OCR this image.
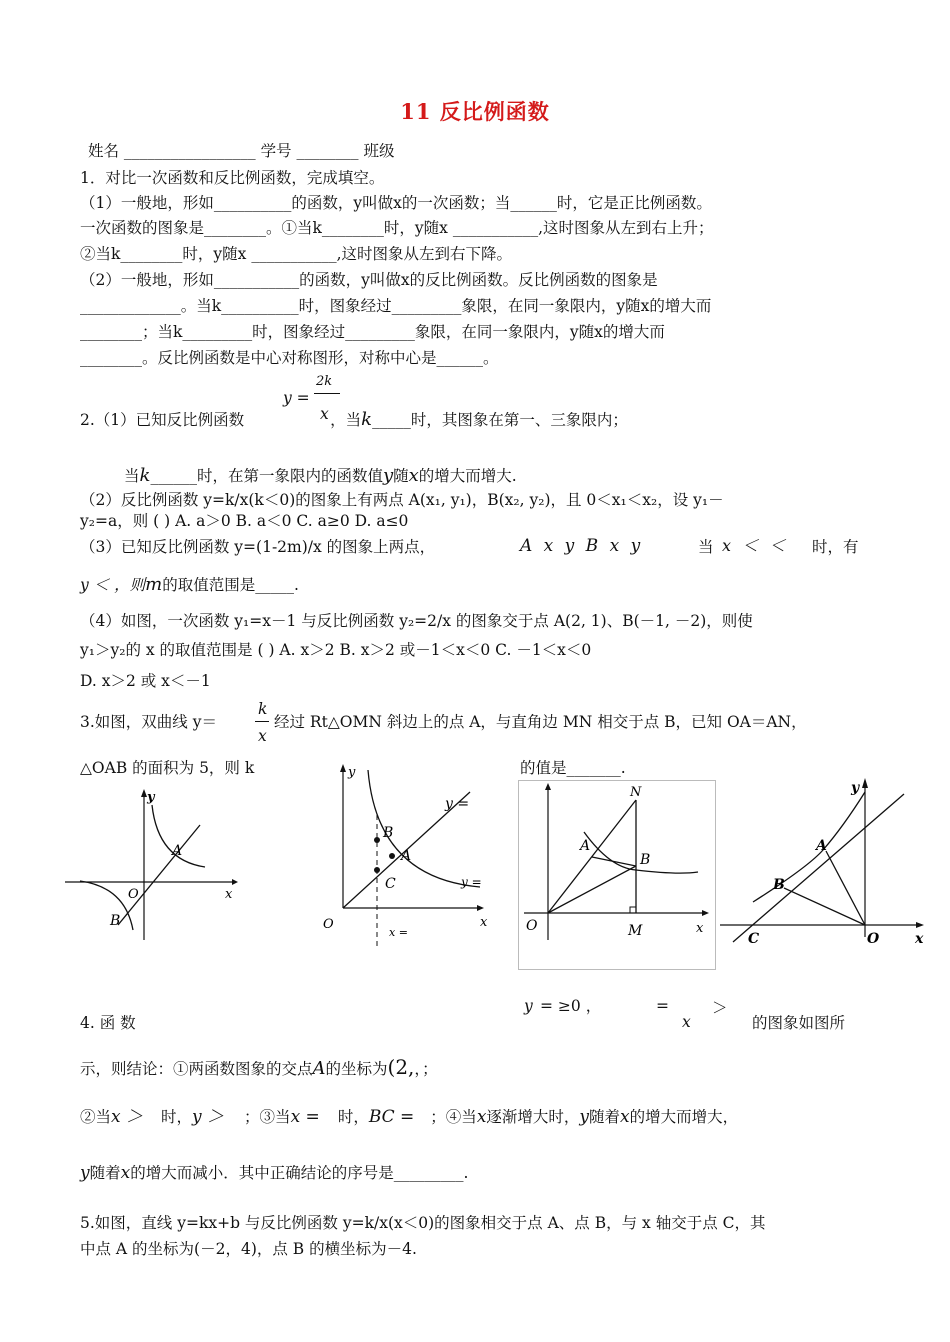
11 反比例函数
姓名 _________________ 学号 ________ 班级
1．对比一次函数和反比例函数，完成填空。
（1）一般地，形如__________的函数，y叫做x的一次函数；当______时，它是正比例函数。
一次函数的图象是________。①当k________时，y随x ___________,这时图象从左到右上升；
②当k________时，y随x ___________,这时图象从左到右下降。
（2）一般地，形如___________的函数，y叫做x的反比例函数。反比例函数的图象是
_____________。当k__________时，图象经过_________象限，在同一象限内，y随x的增大而
________；当k_________时，图象经过_________象限，在同一象限内，y随x的增大而
________。反比例函数是中心对称图形，对称中心是______。
y =
2k
x
2.（1）已知反比例函数	，当k_____时，其图象在第一、三象限内；
当k______时，在第一象限内的函数值y随x的增大而增大.
（2）反比例函数 y=k/x(k＜0)的图象上有两点 A(x₁, y₁)，B(x₂, y₂)，且 0＜x₁＜x₂，设 y₁－
y₂=a，则 ( ) A. a＞0 B. a＜0 C. a≥0 D. a≤0
（3）已知反比例函数 y=(1-2m)/x 的图象上两点，	A x y B x y	当 x ＜ ＜ 时，有
y ＜ ，则m的取值范围是_____.
（4）如图，一次函数 y₁=x－1 与反比例函数 y₂=2/x 的图象交于点 A(2, 1)、B(－1, －2)，则使
y₁＞y₂的 x 的取值范围是 ( ) A. x＞2 B. x＞2 或－1＜x＜0 C. －1＜x＜0
D. x＞2 或 x＜－1
3.如图，双曲线 y＝
k
x
经过 Rt△OMN 斜边上的点 A，与直角边 MN 相交于点 B，已知 OA＝AN，
△OAB 的面积为 5，则 k	的值是_______.
y
x
O
A
B
y
x
O
B
A
C
y =
y =
x =
N
A
B
O	M	x
y
A
B
C	O	x
y = ≥0 ，	=
x
＞
4. 函 数	的图象如图所
示，则结论：①两函数图象的交点A的坐标为(2,，；
②当x ＞ 时，y ＞ ；③当x = 时，BC = ；④当x逐渐增大时，y随着x的增大而增大，
y随着x的增大而减小．其中正确结论的序号是_________.
5.如图，直线 y=kx+b 与反比例函数 y=k/x(x＜0)的图象相交于点 A、点 B，与 x 轴交于点 C，其
中点 A 的坐标为(－2，4)，点 B 的横坐标为－4.
